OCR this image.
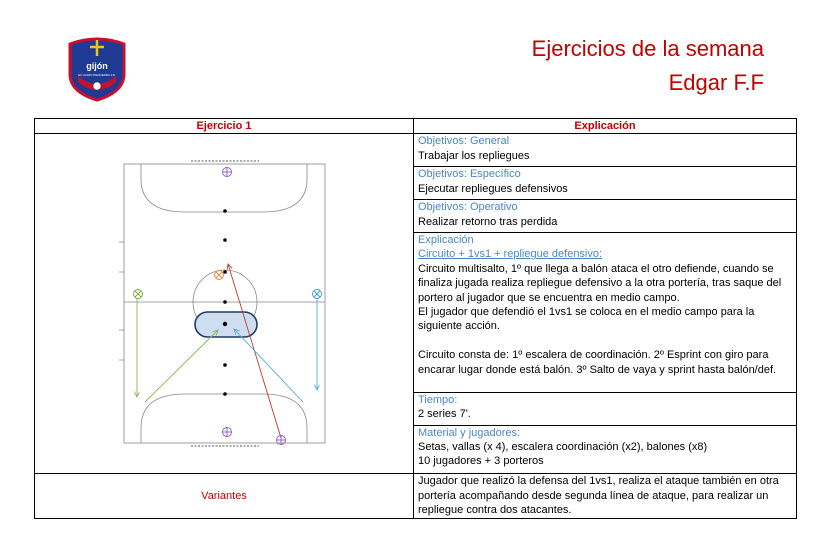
gijón
EC GIJON PENCERDA F.S.
Ejercicios de la semana
Edgar F.F
Ejercicio 1	Explicación

Objetivos: General
Trabajar los repliegues

	Objetivos: Específico
Ejecutar repliegues defensivos

	Objetivos: Operativo
Realizar retorno tras perdida

	Explicación
Circuito + 1vs1 + repliegue defensivo:
Circuito multisalto, 1º que llega a balón ataca el otro defiende, cuando se finaliza jugada realiza repliegue defensivo a la otra portería, tras saque del portero al jugador que se encuentra en medio campo.
El jugador que defendió el 1vs1 se coloca en el medio campo para la siguiente acción.
Circuito consta de: 1º escalera de coordinación. 2º Esprint con giro para encarar lugar donde está balón. 3º Salto de vaya y sprint hasta balón/def.

	Tiempo:
2 series 7'.

	Material y jugadores:
Setas, vallas (x 4), escalera coordinación (x2), balones (x8)
10 jugadores + 3 porteros

Variantes	Jugador que realizó la defensa del 1vs1, realiza el ataque también en otra portería acompañando desde segunda línea de ataque, para realizar un repliegue contra dos atacantes.
